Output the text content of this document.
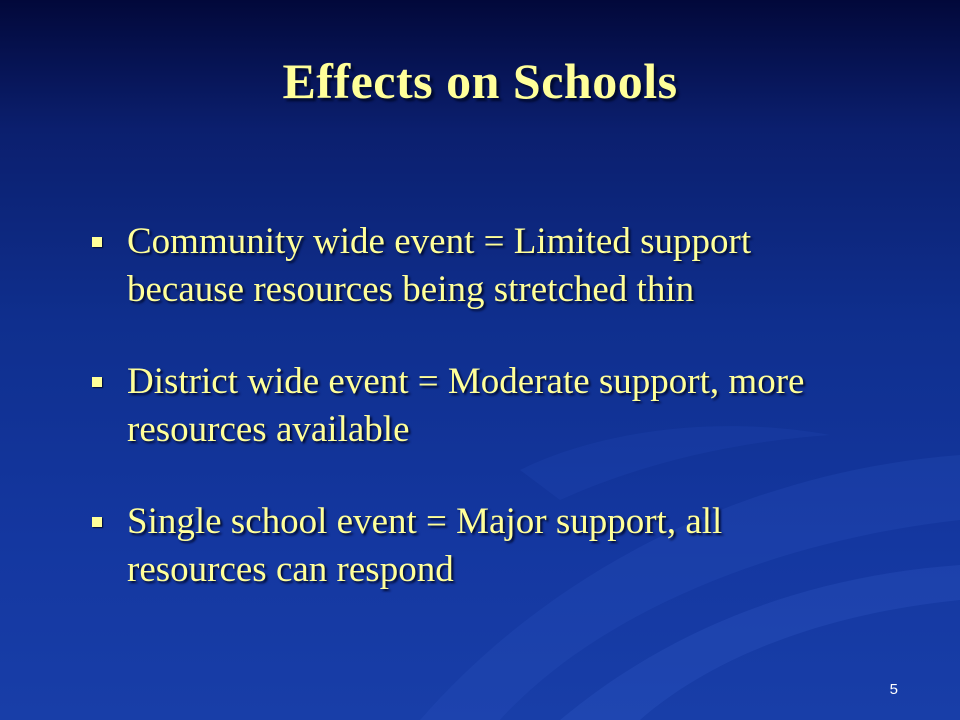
Effects on Schools
Community wide event = Limited support because resources being stretched thin
District wide event = Moderate support, more resources available
Single school event = Major support, all resources can respond
5
